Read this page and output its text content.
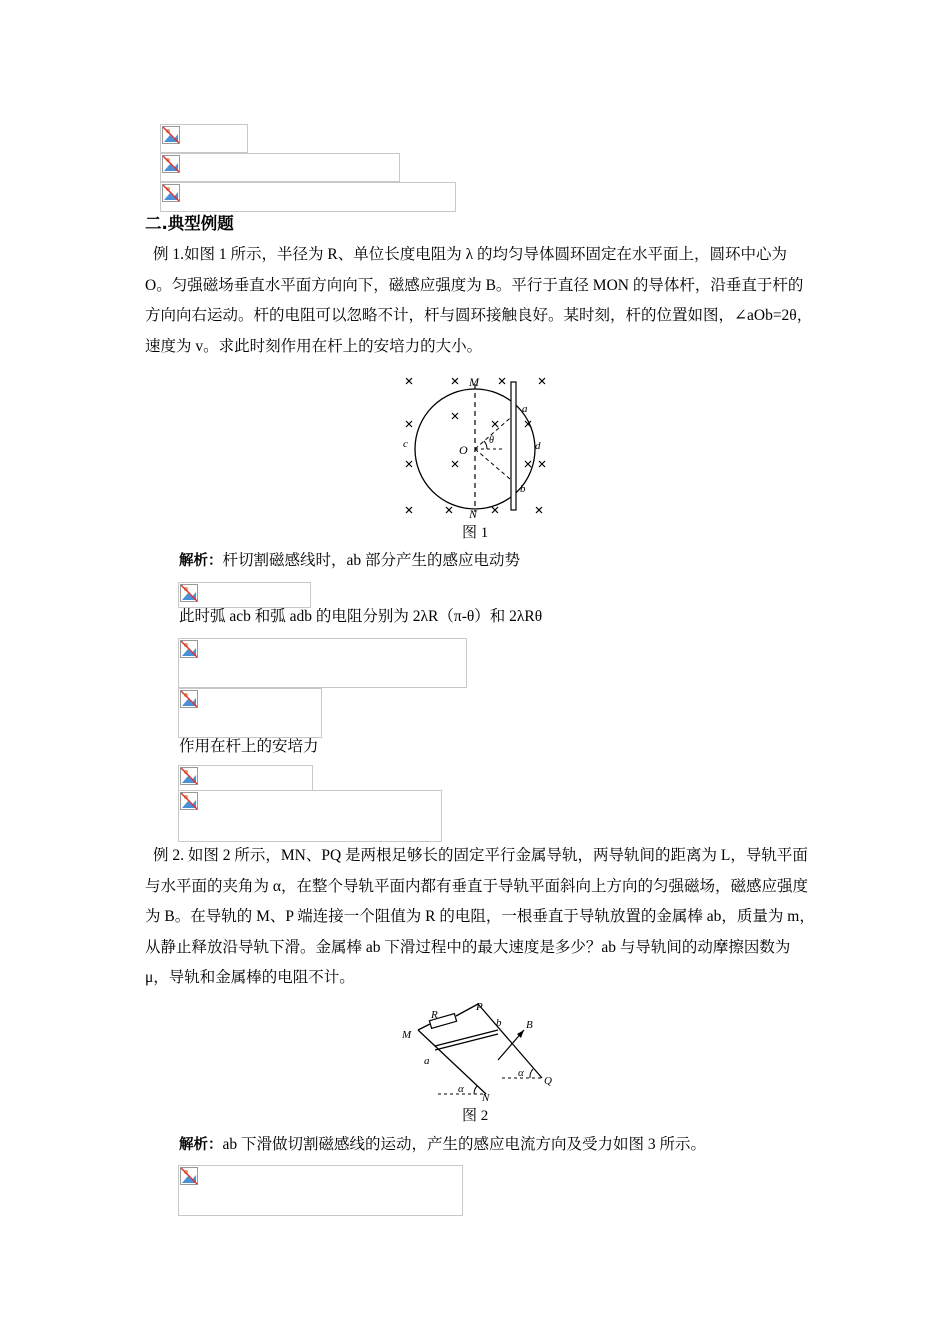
二.典型例题
例 1.如图 1 所示，半径为 R、单位长度电阻为 λ 的均匀导体圆环固定在水平面上，圆环中心为 O。匀强磁场垂直水平面方向向下，磁感应强度为 B。平行于直径 MON 的导体杆，沿垂直于杆的方向向右运动。杆的电阻可以忽略不计，杆与圆环接触良好。某时刻，杆的位置如图，∠aOb=2θ，速度为 v。求此时刻作用在杆上的安培力的大小。
M
N
O
a
b
c	d
θ
图 1
解析：杆切割磁感线时，ab 部分产生的感应电动势
此时弧 acb 和弧 adb 的电阻分别为 2λR（π-θ）和 2λRθ
作用在杆上的安培力
例 2. 如图 2 所示，MN、PQ 是两根足够长的固定平行金属导轨，两导轨间的距离为 L，导轨平面与水平面的夹角为 α，在整个导轨平面内都有垂直于导轨平面斜向上方向的匀强磁场，磁感应强度为 B。在导轨的 M、P 端连接一个阻值为 R 的电阻，一根垂直于导轨放置的金属棒 ab，质量为 m，从静止释放沿导轨下滑。金属棒 ab 下滑过程中的最大速度是多少？ab 与导轨间的动摩擦因数为 μ，导轨和金属棒的电阻不计。
R
P
M
b B
a
N
Q
α
α
图 2
解析：ab 下滑做切割磁感线的运动，产生的感应电流方向及受力如图 3 所示。
